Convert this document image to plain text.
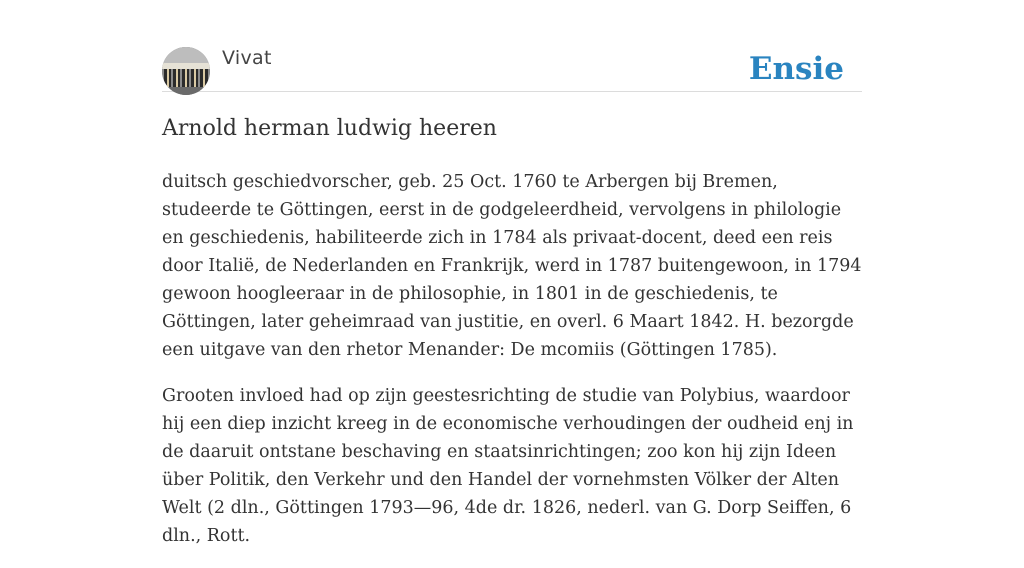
Vivat	Ensie
Arnold herman ludwig heeren

duitsch geschiedvorscher, geb. 25 Oct. 1760 te Arbergen bij Bremen, studeerde te Göttingen, eerst in de godgeleerdheid, vervolgens in philologie en geschiedenis, habiliteerde zich in 1784 als privaat-docent, deed een reis door Italië, de Nederlanden en Frankrijk, werd in 1787 buitengewoon, in 1794 gewoon hoogleeraar in de philosophie, in 1801 in de geschiedenis, te Göttingen, later geheimraad van justitie, en overl. 6 Maart 1842. H. bezorgde een uitgave van den rhetor Menander: De mcomiis (Göttingen 1785).

Grooten invloed had op zijn geestesrichting de studie van Polybius, waardoor hij een diep inzicht kreeg in de economische verhoudingen der oudheid enj in de daaruit ontstane beschaving en staatsinrichtingen; zoo kon hij zijn Ideen über Politik, den Verkehr und den Handel der vornehmsten Völker der Alten Welt (2 dln., Göttingen 1793—96, 4de dr. 1826, nederl. van G. Dorp Seiffen, 6 dln., Rott.
